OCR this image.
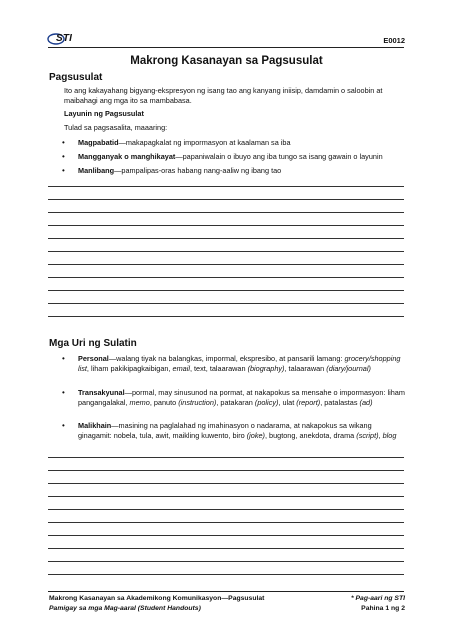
STI	E0012
Makrong Kasanayan sa Pagsusulat
Pagsusulat
Ito ang kakayahang bigyang-ekspresyon ng isang tao ang kanyang iniisip, damdamin o saloobin at maibahagi ang mga ito sa mambabasa.
Layunin ng Pagsusulat
Tulad sa pagsasalita, maaaring:
• Magpabatid—makapagkalat ng impormasyon at kaalaman sa iba
• Mangganyak o manghikayat—papaniwalain o ibuyo ang iba tungo sa isang gawain o layunin
• Manlibang—pampalipas-oras habang nang-aaliw ng ibang tao
Mga Uri ng Sulatin
• Personal—walang tiyak na balangkas, impormal, ekspresibo, at pansarili lamang: grocery/shopping list, liham pakikipagkaibigan, email, text, talaarawan (biography), talaarawan (diary/journal)
• Transakyunal—pormal, may sinusunod na pormat, at nakapokus sa mensahe o impormasyon: liham pangangalakal, memo, panuto (instruction), patakaran (policy), ulat (report), patalastas (ad)
• Malikhain—masining na paglalahad ng imahinasyon o nadarama, at nakapokus sa wikang ginagamit: nobela, tula, awit, maikling kuwento, biro (joke), bugtong, anekdota, drama (script), blog
Makrong Kasanayan sa Akademikong Komunikasyon—Pagsusulat
Pamigay sa mga Mag-aaral (Student Handouts)
* Pag-aari ng STI
Pahina 1 ng 2
